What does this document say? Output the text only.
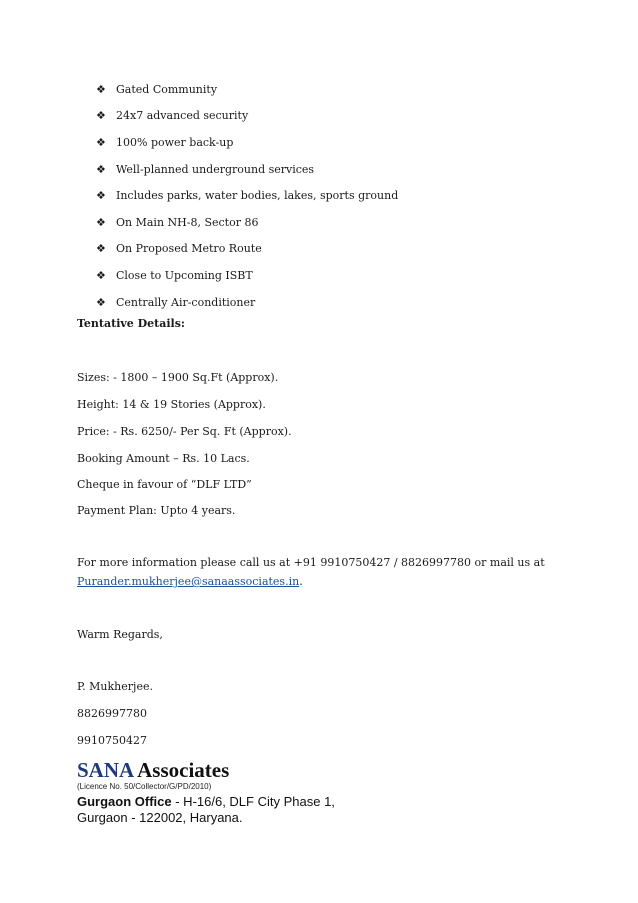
❖ Gated Community
❖ 24x7 advanced security
❖ 100% power back-up
❖ Well-planned underground services
❖ Includes parks, water bodies, lakes, sports ground
❖ On Main NH-8, Sector 86
❖ On Proposed Metro Route
❖ Close to Upcoming ISBT
❖ Centrally Air-conditioner
Tentative Details:
Sizes: - 1800 – 1900 Sq.Ft (Approx).
Height: 14 & 19 Stories (Approx).
Price: - Rs. 6250/- Per Sq. Ft (Approx).
Booking Amount – Rs. 10 Lacs.
Cheque in favour of “DLF LTD”
Payment Plan: Upto 4 years.
For more information please call us at +91 9910750427 / 8826997780 or mail us at
Purander.mukherjee@sanaassociates.in.
Warm Regards,
P. Mukherjee.
8826997780
9910750427
SANA Associates
(Licence No. 50/Collector/G/PD/2010)
Gurgaon Office - H-16/6, DLF City Phase 1,
Gurgaon - 122002, Haryana.
